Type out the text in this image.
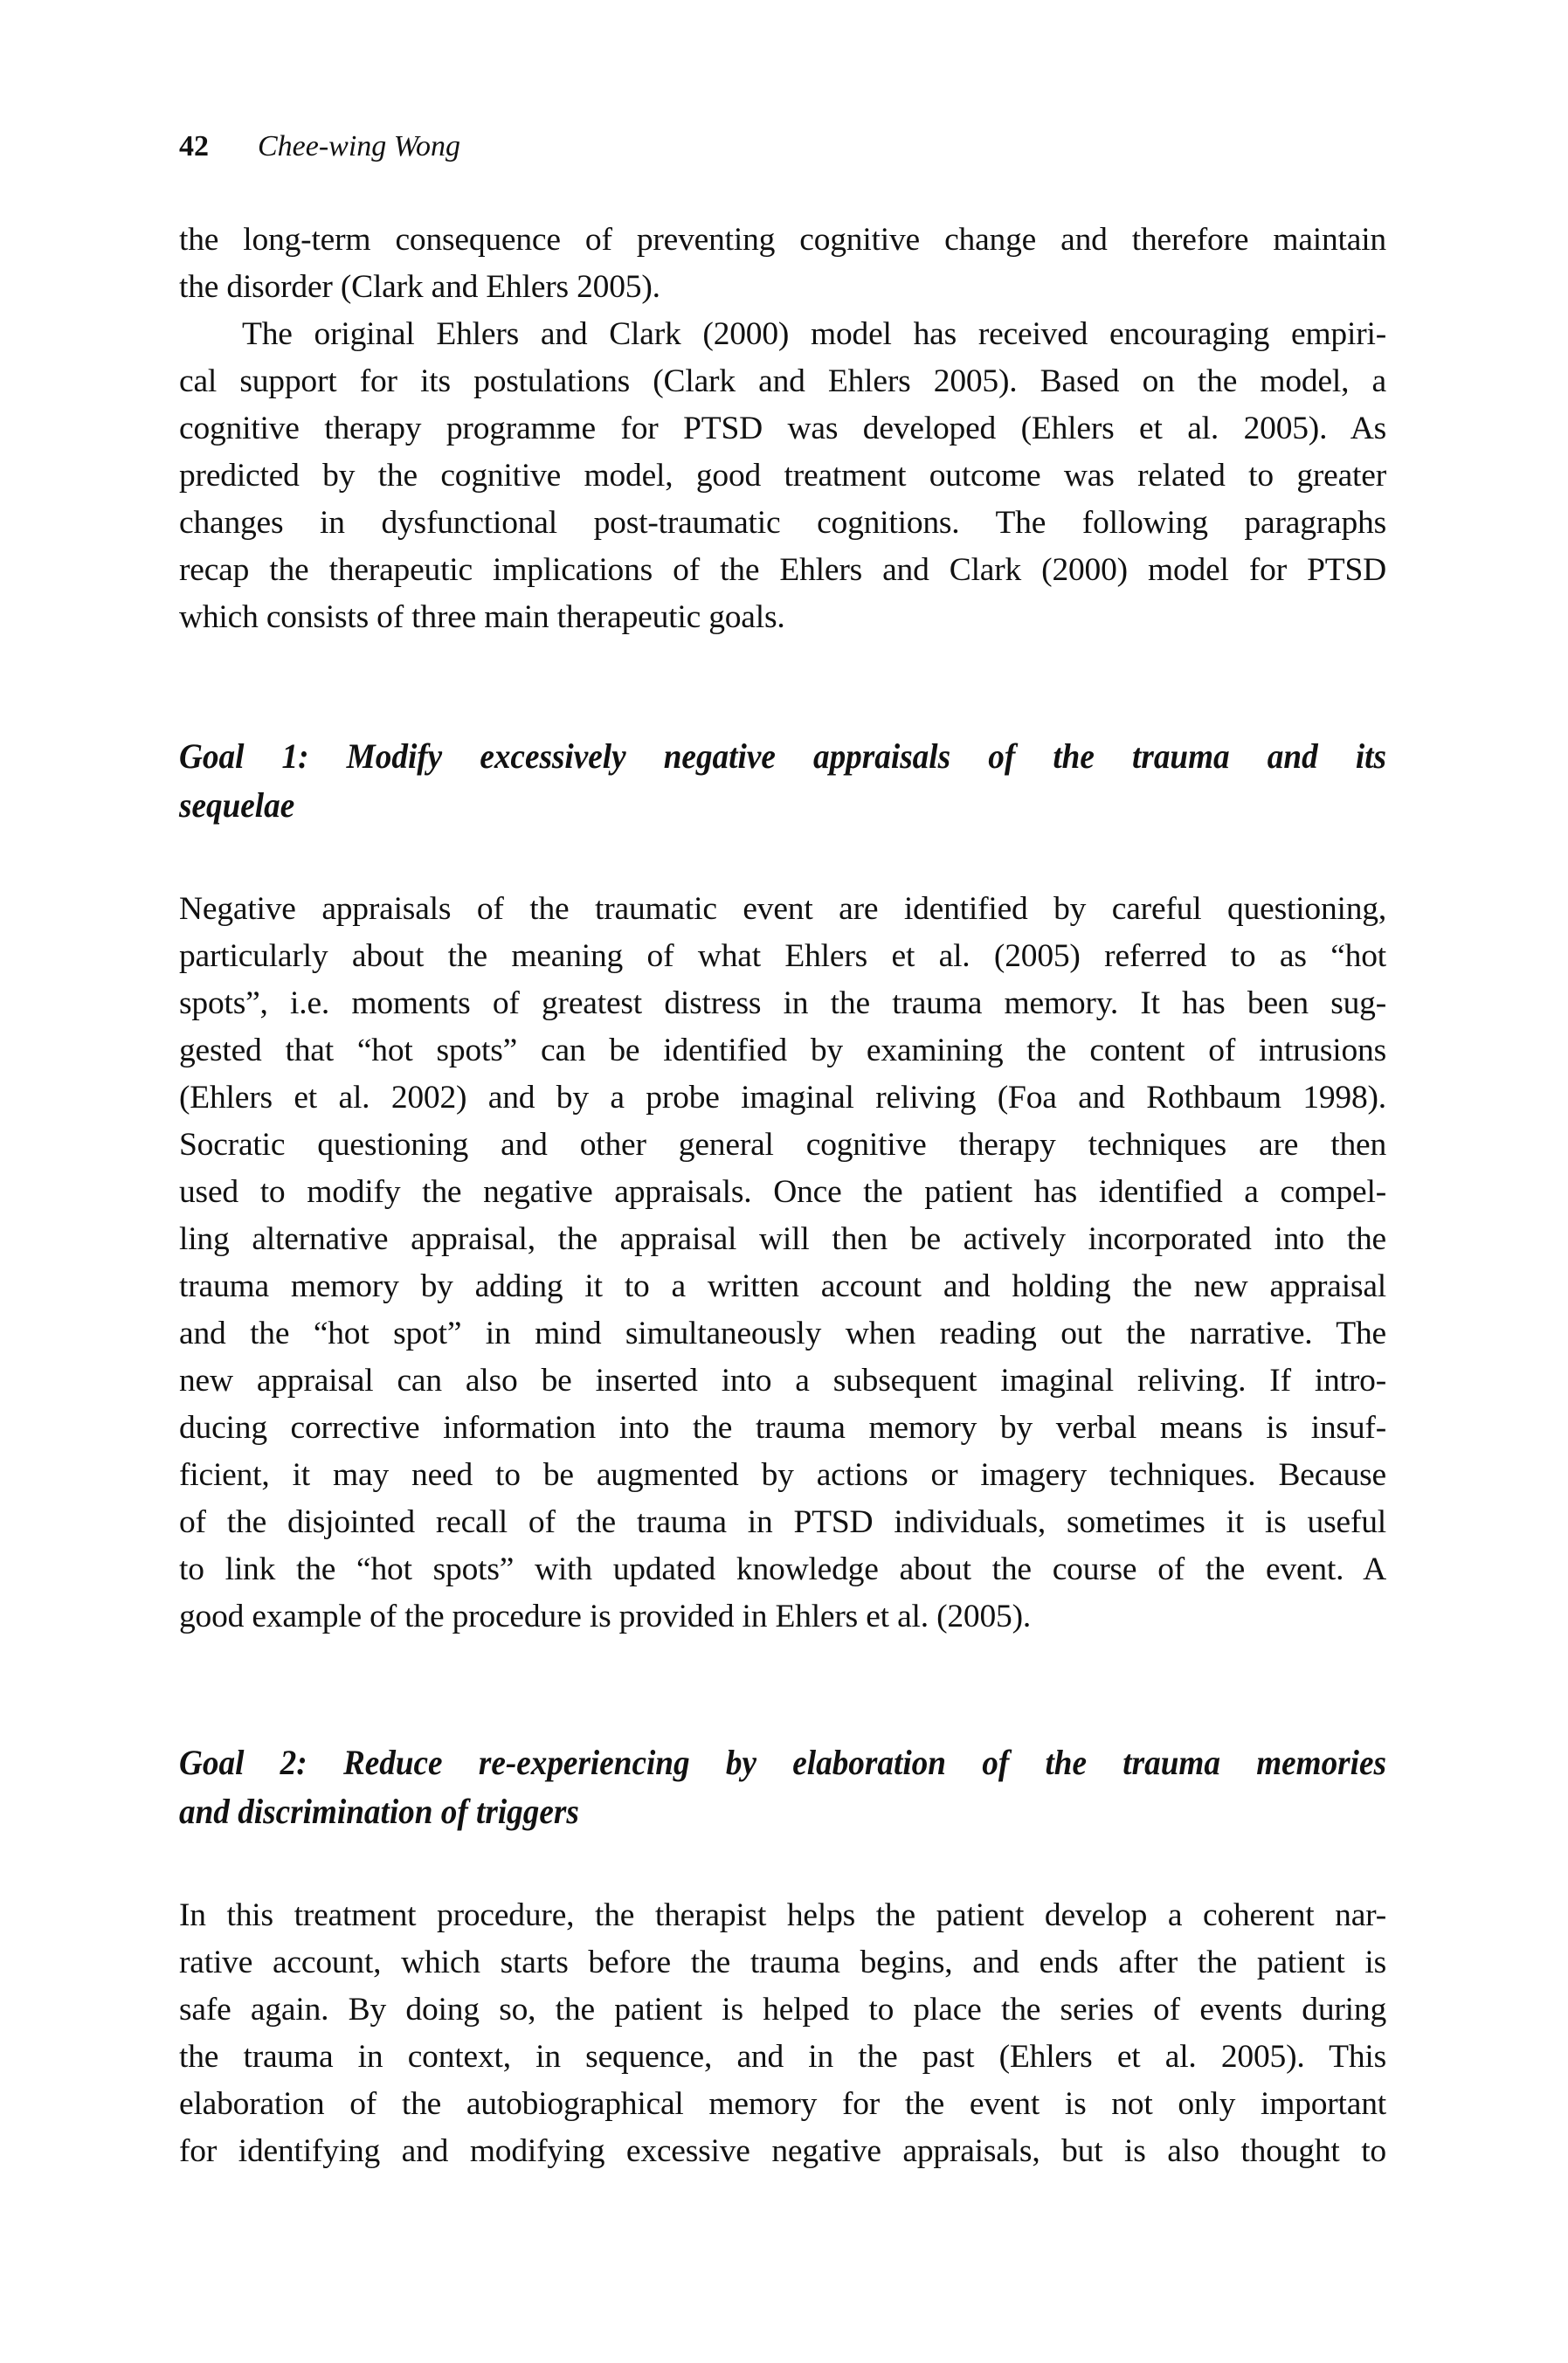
42 Chee-wing Wong
the long-term consequence of preventing cognitive change and therefore maintain
the disorder (Clark and Ehlers 2005).
The original Ehlers and Clark (2000) model has received encouraging empiri-
cal support for its postulations (Clark and Ehlers 2005). Based on the model, a
cognitive therapy programme for PTSD was developed (Ehlers et al. 2005). As
predicted by the cognitive model, good treatment outcome was related to greater
changes in dysfunctional post-traumatic cognitions. The following paragraphs
recap the therapeutic implications of the Ehlers and Clark (2000) model for PTSD
which consists of three main therapeutic goals.
Goal 1: Modify excessively negative appraisals of the trauma and its
sequelae
Negative appraisals of the traumatic event are identified by careful questioning,
particularly about the meaning of what Ehlers et al. (2005) referred to as “hot
spots”, i.e. moments of greatest distress in the trauma memory. It has been sug-
gested that “hot spots” can be identified by examining the content of intrusions
(Ehlers et al. 2002) and by a probe imaginal reliving (Foa and Rothbaum 1998).
Socratic questioning and other general cognitive therapy techniques are then
used to modify the negative appraisals. Once the patient has identified a compel-
ling alternative appraisal, the appraisal will then be actively incorporated into the
trauma memory by adding it to a written account and holding the new appraisal
and the “hot spot” in mind simultaneously when reading out the narrative. The
new appraisal can also be inserted into a subsequent imaginal reliving. If intro-
ducing corrective information into the trauma memory by verbal means is insuf-
ficient, it may need to be augmented by actions or imagery techniques. Because
of the disjointed recall of the trauma in PTSD individuals, sometimes it is useful
to link the “hot spots” with updated knowledge about the course of the event. A
good example of the procedure is provided in Ehlers et al. (2005).
Goal 2: Reduce re-experiencing by elaboration of the trauma memories
and discrimination of triggers
In this treatment procedure, the therapist helps the patient develop a coherent nar-
rative account, which starts before the trauma begins, and ends after the patient is
safe again. By doing so, the patient is helped to place the series of events during
the trauma in context, in sequence, and in the past (Ehlers et al. 2005). This
elaboration of the autobiographical memory for the event is not only important
for identifying and modifying excessive negative appraisals, but is also thought to
